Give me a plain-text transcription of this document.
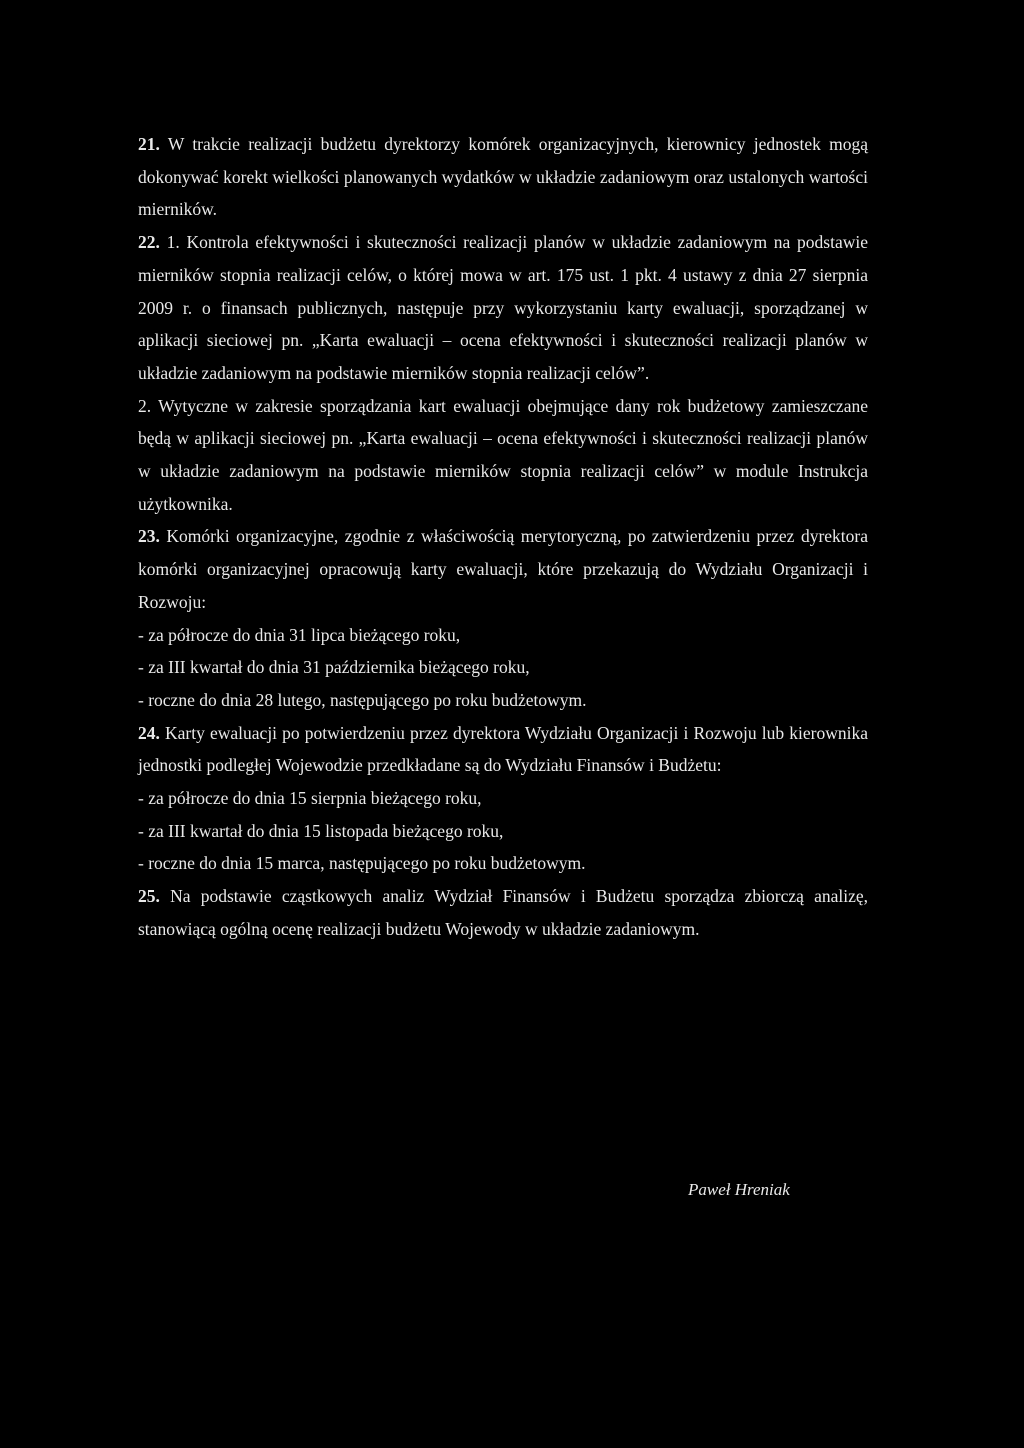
21. W trakcie realizacji budżetu dyrektorzy komórek organizacyjnych, kierownicy jednostek mogą dokonywać korekt wielkości planowanych wydatków w układzie zadaniowym oraz ustalonych wartości mierników.

22. 1. Kontrola efektywności i skuteczności realizacji planów w układzie zadaniowym na podstawie mierników stopnia realizacji celów, o której mowa w art. 175 ust. 1 pkt. 4 ustawy z dnia 27 sierpnia 2009 r. o finansach publicznych, następuje przy wykorzystaniu karty ewaluacji, sporządzanej w aplikacji sieciowej pn. „Karta ewaluacji – ocena efektywności i skuteczności realizacji planów w układzie zadaniowym na podstawie mierników stopnia realizacji celów”.

2. Wytyczne w zakresie sporządzania kart ewaluacji obejmujące dany rok budżetowy zamieszczane będą w aplikacji sieciowej pn. „Karta ewaluacji – ocena efektywności i skuteczności realizacji planów w układzie zadaniowym na podstawie mierników stopnia realizacji celów” w module Instrukcja użytkownika.

23. Komórki organizacyjne, zgodnie z właściwością merytoryczną, po zatwierdzeniu przez dyrektora komórki organizacyjnej opracowują karty ewaluacji, które przekazują do Wydziału Organizacji i Rozwoju:

- za półrocze do dnia 31 lipca bieżącego roku,

- za III kwartał do dnia 31 października bieżącego roku,

- roczne do dnia 28 lutego, następującego po roku budżetowym.

24. Karty ewaluacji po potwierdzeniu przez dyrektora Wydziału Organizacji i Rozwoju lub kierownika jednostki podległej Wojewodzie przedkładane są do Wydziału Finansów i Budżetu:

- za półrocze do dnia 15 sierpnia bieżącego roku,

- za III kwartał do dnia 15 listopada bieżącego roku,

- roczne do dnia 15 marca, następującego po roku budżetowym.

25. Na podstawie cząstkowych analiz Wydział Finansów i Budżetu sporządza zbiorczą analizę, stanowiącą ogólną ocenę realizacji budżetu Wojewody w układzie zadaniowym.

Paweł Hreniak
